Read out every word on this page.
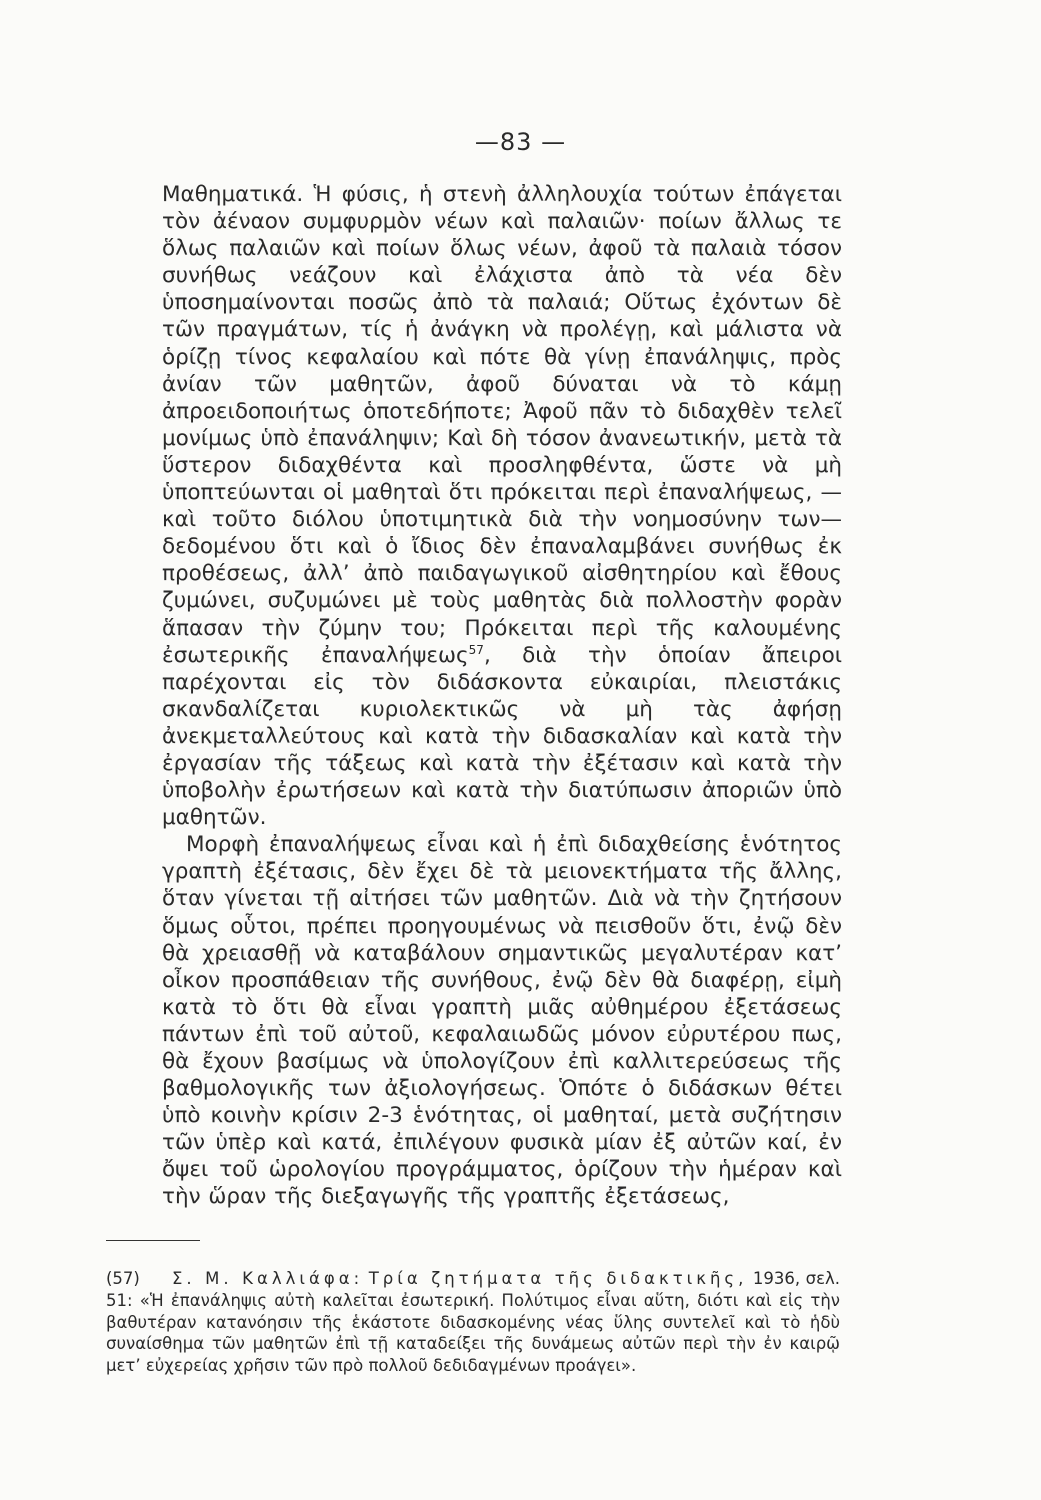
—83 —

Μαθηματικά. Ἡ φύσις, ἡ στενὴ ἀλληλουχία τούτων ἐπάγεται τὸν ἀέναον συμφυρμὸν νέων καὶ παλαιῶν· ποίων ἄλλως τε ὅλως παλαιῶν καὶ ποίων ὅλως νέων, ἀφοῦ τὰ παλαιὰ τόσον συνήθως νεάζουν καὶ ἐλάχιστα ἀπὸ τὰ νέα δὲν ὑποσημαίνονται ποσῶς ἀπὸ τὰ παλαιά; Οὕτως ἐχόντων δὲ τῶν πραγμάτων, τίς ἡ ἀνάγκη νὰ προλέγῃ, καὶ μάλιστα νὰ ὁρίζῃ τίνος κεφαλαίου καὶ πότε θὰ γίνῃ ἐπανάληψις, πρὸς ἀνίαν τῶν μαθητῶν, ἀφοῦ δύναται νὰ τὸ κάμῃ ἀπροειδοποιήτως ὁποτεδήποτε; Ἀφοῦ πᾶν τὸ διδαχθὲν τελεῖ μονίμως ὑπὸ ἐπανάληψιν; Καὶ δὴ τόσον ἀνανεωτικήν, μετὰ τὰ ὕστερον διδαχθέντα καὶ προσληφθέντα, ὥστε νὰ μὴ ὑποπτεύωνται οἱ μαθηταὶ ὅτι πρόκειται περὶ ἐπαναλήψεως, —καὶ τοῦτο διόλου ὑποτιμητικὰ διὰ τὴν νοημοσύνην των— δεδομένου ὅτι καὶ ὁ ἴδιος δὲν ἐπαναλαμβάνει συνήθως ἐκ προθέσεως, ἀλλ’ ἀπὸ παιδαγωγικοῦ αἰσθητηρίου καὶ ἔθους ζυμώνει, συζυμώνει μὲ τοὺς μαθητὰς διὰ πολλοστὴν φορὰν ἅπασαν τὴν ζύμην του; Πρόκειται περὶ τῆς καλουμένης ἐσωτερικῆς ἐπαναλήψεως$^{57}$, διὰ τὴν ὁποίαν ἄπειροι παρέχονται εἰς τὸν διδάσκοντα εὐκαιρίαι, πλειστάκις σκανδαλίζεται κυριολεκτικῶς νὰ μὴ τὰς ἀφήσῃ ἀνεκμεταλλεύτους καὶ κατὰ τὴν διδασκαλίαν καὶ κατὰ τὴν ἐργασίαν τῆς τάξεως καὶ κατὰ τὴν ἐξέτασιν καὶ κατὰ τὴν ὑποβολὴν ἐρωτήσεων καὶ κατὰ τὴν διατύπωσιν ἀποριῶν ὑπὸ μαθητῶν.

Μορφὴ ἐπαναλήψεως εἶναι καὶ ἡ ἐπὶ διδαχθείσης ἑνότητος γραπτὴ ἐξέτασις, δὲν ἔχει δὲ τὰ μειονεκτήματα τῆς ἄλλης, ὅταν γίνεται τῇ αἰτήσει τῶν μαθητῶν. Διὰ νὰ τὴν ζητήσουν ὅμως οὗτοι, πρέπει προηγουμένως νὰ πεισθοῦν ὅτι, ἐνῷ δὲν θὰ χρειασθῇ νὰ καταβάλουν σημαντικῶς μεγαλυτέραν κατ’ οἶκον προσπάθειαν τῆς συνήθους, ἐνῷ δὲν θὰ διαφέρῃ, εἰμὴ κατὰ τὸ ὅτι θὰ εἶναι γραπτὴ μιᾶς αὐθημέρου ἐξετάσεως πάντων ἐπὶ τοῦ αὐτοῦ, κεφαλαιωδῶς μόνον εὐρυτέρου πως, θὰ ἔχουν βασίμως νὰ ὑπολογίζουν ἐπὶ καλλιτερεύσεως τῆς βαθμολογικῆς των ἀξιολογήσεως. Ὁπότε ὁ διδάσκων θέτει ὑπὸ κοινὴν κρίσιν 2-3 ἑνότητας, οἱ μαθηταί, μετὰ συζήτησιν τῶν ὑπὲρ καὶ κατά, ἐπιλέγουν φυσικὰ μίαν ἐξ αὐτῶν καί, ἐν ὄψει τοῦ ὡρολογίου προγράμματος, ὁρίζουν τὴν ἡμέραν καὶ τὴν ὥραν τῆς διεξαγωγῆς τῆς γραπτῆς ἐξετάσεως,

(57) Σ. Μ. Καλλιάφα: Τρία ζητήματα τῆς διδακτικῆς, 1936, σελ. 51: «Ἡ ἐπανάληψις αὐτὴ καλεῖται ἐσωτερική. Πολύτιμος εἶναι αὕτη, διότι καὶ εἰς τὴν βαθυτέραν κατανόησιν τῆς ἑκάστοτε διδασκομένης νέας ὕλης συντελεῖ καὶ τὸ ἡδὺ συναίσθημα τῶν μαθητῶν ἐπὶ τῇ καταδείξει τῆς δυνάμεως αὐτῶν περὶ τὴν ἐν καιρῷ μετ’ εὐχερείας χρῆσιν τῶν πρὸ πολλοῦ δεδιδαγμένων προάγει».
